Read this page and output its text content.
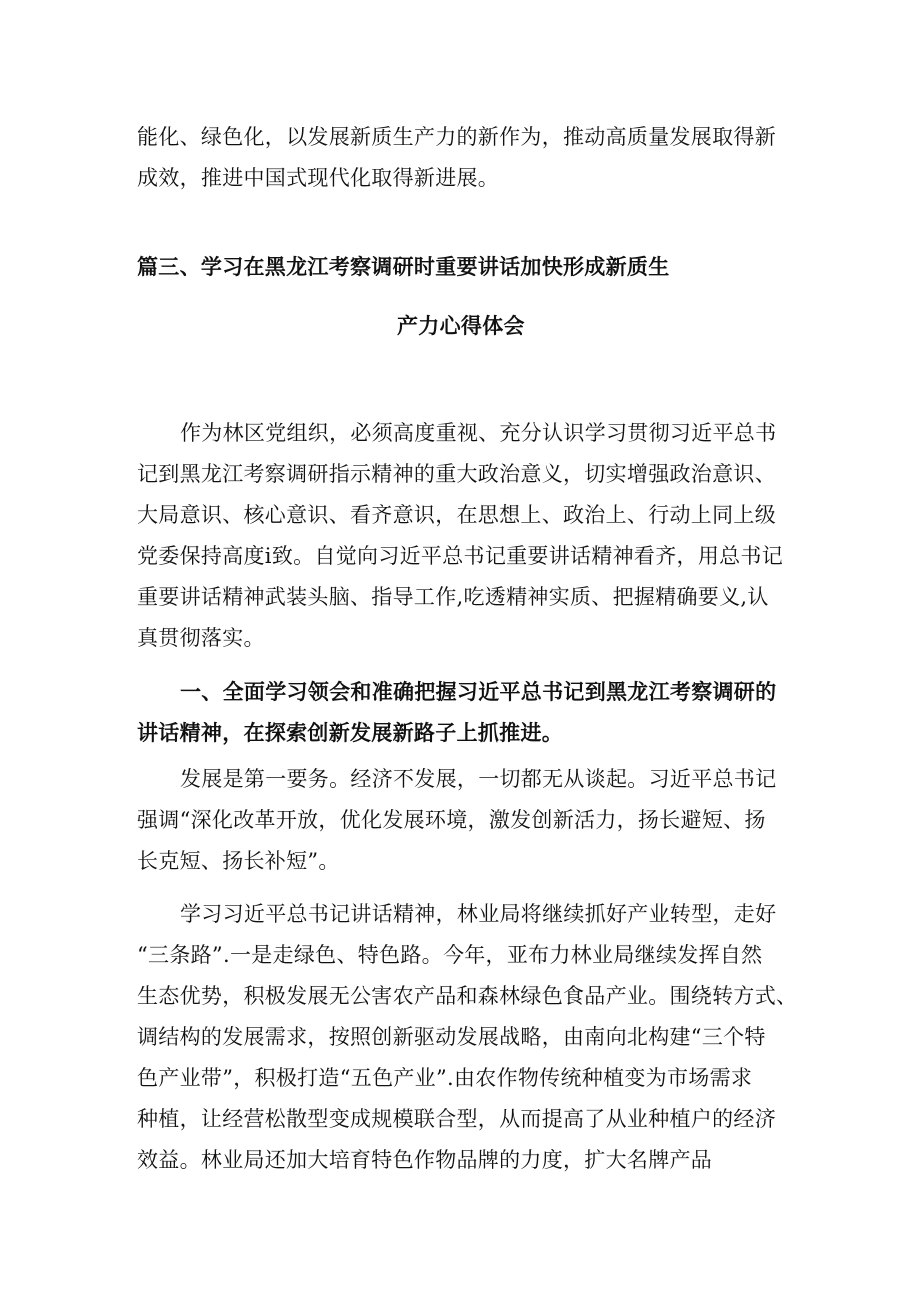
能化、绿色化，以发展新质生产力的新作为，推动高质量发展取得新
成效，推进中国式现代化取得新进展。
篇三、学习在黑龙江考察调研时重要讲话加快形成新质生
产力心得体会
作为林区党组织，必须高度重视、充分认识学习贯彻习近平总书
记到黑龙江考察调研指示精神的重大政治意义，切实增强政治意识、
大局意识、核心意识、看齐意识，在思想上、政治上、行动上同上级
党委保持高度i致。自觉向习近平总书记重要讲话精神看齐，用总书记
重要讲话精神武装头脑、指导工作,吃透精神实质、把握精确要义,认
真贯彻落实。
一、全面学习领会和准确把握习近平总书记到黑龙江考察调研的
讲话精神，在探索创新发展新路子上抓推进。
发展是第一要务。经济不发展，一切都无从谈起。习近平总书记
强调“深化改革开放，优化发展环境，激发创新活力，扬长避短、扬
长克短、扬长补短”。
学习习近平总书记讲话精神，林业局将继续抓好产业转型，走好
“三条路”.一是走绿色、特色路。今年，亚布力林业局继续发挥自然
生态优势，积极发展无公害农产品和森林绿色食品产业。围绕转方式、
调结构的发展需求，按照创新驱动发展战略，由南向北构建“三个特
色产业带”，积极打造“五色产业”.由农作物传统种植变为市场需求
种植，让经营松散型变成规模联合型，从而提高了从业种植户的经济
效益。林业局还加大培育特色作物品牌的力度，扩大名牌产品
